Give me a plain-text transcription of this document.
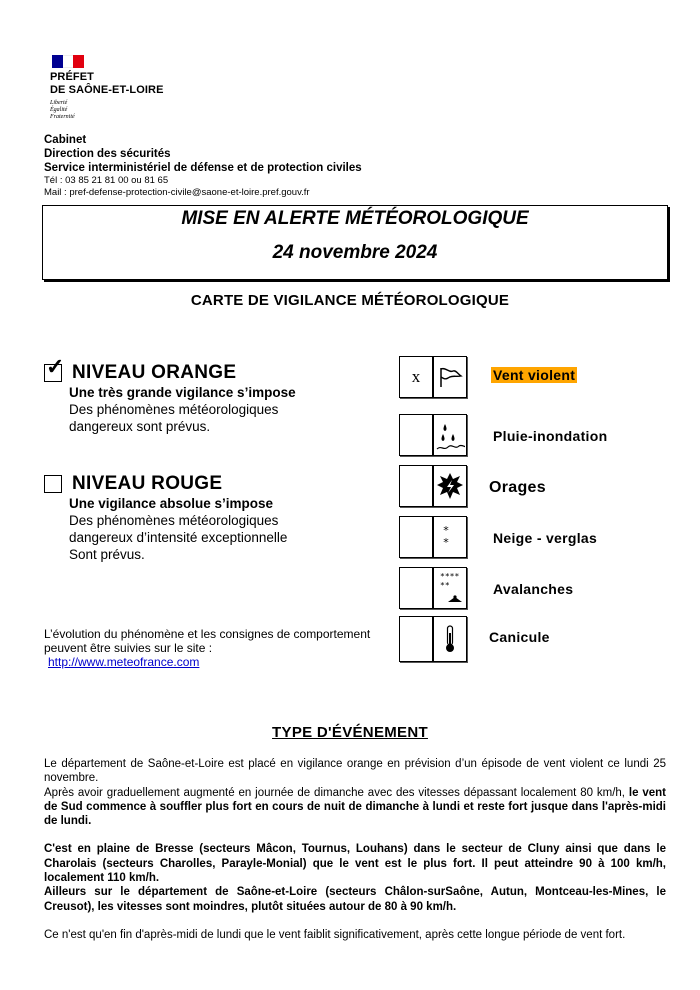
PRÉFET
DE SAÔNE-ET-LOIRE
Liberté
Égalité
Fraternité
Cabinet
Direction des sécurités
Service interministériel de défense et de protection civiles
Tél : 03 85 21 81 00 ou 81 65
Mail : pref-defense-protection-civile@saone-et-loire.pref.gouv.fr
MISE EN ALERTE MÉTÉOROLOGIQUE
24 novembre 2024
CARTE DE VIGILANCE MÉTÉOROLOGIQUE
✓ NIVEAU ORANGE
Une très grande vigilance s’impose
Des phénomènes météorologiques
dangereux sont prévus.
NIVEAU ROUGE
Une vigilance absolue s’impose
Des phénomènes météorologiques
dangereux d’intensité exceptionnelle
Sont prévus.
x	Vent violent
Pluie-inondation
Orages
*
*	Neige - verglas
****
**	Avalanches
Canicule
L’évolution du phénomène et les consignes de comportement
peuvent être suivies sur le site :
http://www.meteofrance.com
TYPE D'ÉVÉNEMENT

Le département de Saône-et-Loire est placé en vigilance orange en prévision d’un épisode de vent violent ce lundi 25 novembre.

Après avoir graduellement augmenté en journée de dimanche avec des vitesses dépassant localement 80 km/h, le vent de Sud commence à souffler plus fort en cours de nuit de dimanche à lundi et reste fort jusque dans l'après-midi de lundi.

C'est en plaine de Bresse (secteurs Mâcon, Tournus, Louhans) dans le secteur de Cluny ainsi que dans le Charolais (secteurs Charolles, Parayle-Monial) que le vent est le plus fort. Il peut atteindre 90 à 100 km/h, localement 110 km/h.

Ailleurs sur le département de Saône-et-Loire (secteurs Châlon-surSaône, Autun, Montceau-les-Mines, le Creusot), les vitesses sont moindres, plutôt situées autour de 80 à 90 km/h.

Ce n'est qu'en fin d'après-midi de lundi que le vent faiblit significativement, après cette longue période de vent fort.
